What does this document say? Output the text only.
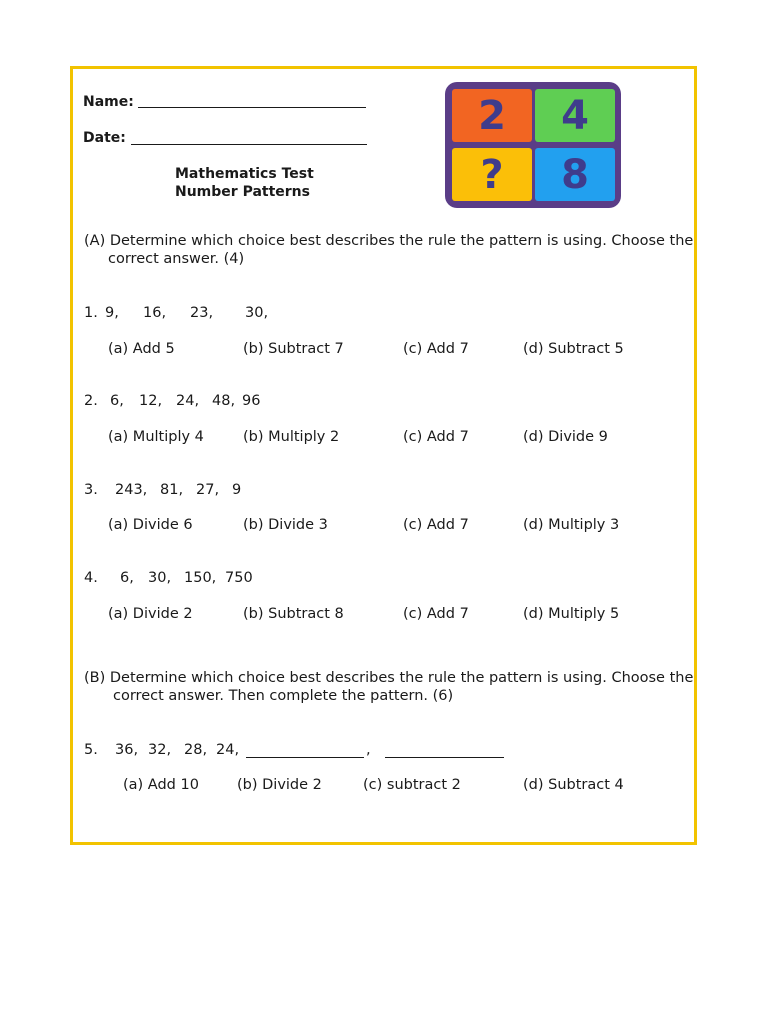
Name:
Date:
Mathematics Test
Number Patterns
2 4
? 8
(A) Determine which choice best describes the rule the pattern is using. Choose the
correct answer. (4)
1. 9, 16, 23, 30,
(a) Add 5	(b) Subtract 7	(c) Add 7	(d) Subtract 5
2. 6, 12, 24, 48, 96
(a) Multiply 4	(b) Multiply 2	(c) Add 7	(d) Divide 9
3. 243, 81, 27, 9
(a) Divide 6	(b) Divide 3	(c) Add 7	(d) Multiply 3
4. 6, 30, 150, 750
(a) Divide 2	(b) Subtract 8	(c) Add 7	(d) Multiply 5
(B) Determine which choice best describes the rule the pattern is using. Choose the
correct answer. Then complete the pattern. (6)
5. 36, 32, 28, 24,	,
(a) Add 10	(b) Divide 2	(c) subtract 2	(d) Subtract 4
